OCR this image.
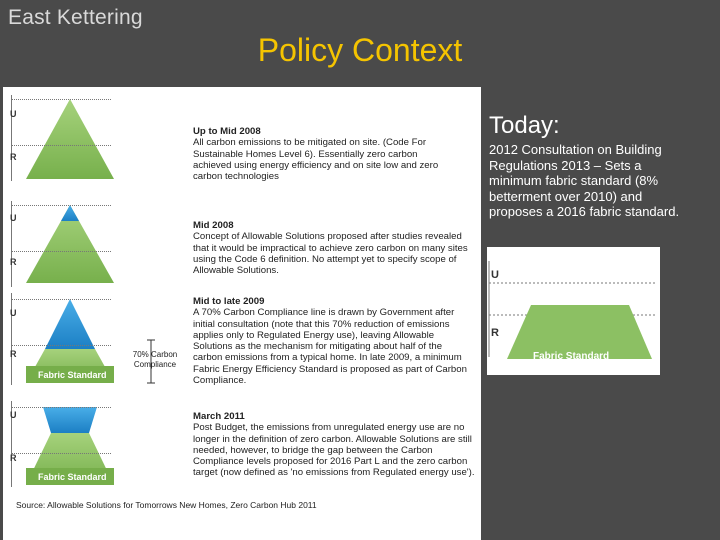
East Kettering
Policy Context
U
R
U
R
U
R
U
R
Fabric Standard
Fabric Standard
70% Carbon Compliance
Up to Mid 2008
All carbon emissions to be mitigated on site. (Code For Sustainable Homes Level 6). Essentially zero carbon achieved using energy efficiency and on site low and zero carbon technologies
Mid 2008
Concept of Allowable Solutions proposed after studies revealed that it would be impractical to achieve zero carbon on many sites using the Code 6 definition. No attempt yet to specify scope of Allowable Solutions.
Mid to late 2009
A 70% Carbon Compliance line is drawn by Government after initial consultation (note that this 70% reduction of emissions applies only to Regulated Energy use), leaving Allowable Solutions as the mechanism for mitigating about half of the carbon emissions from a typical home. In late 2009, a minimum Fabric Energy Efficiency Standard is proposed as part of Carbon Compliance.
March 2011
Post Budget, the emissions from unregulated energy use are no longer in the definition of zero carbon. Allowable Solutions are still needed, however, to bridge the gap between the Carbon Compliance levels proposed for 2016 Part L and the zero carbon target (now defined as 'no emissions from Regulated energy use').
Source: Allowable Solutions for Tomorrows New Homes, Zero Carbon Hub 2011
Today:
2012 Consultation on Building Regulations 2013 – Sets a minimum fabric standard (8% betterment over 2010) and proposes a 2016 fabric standard.
U
R
Fabric Standard
